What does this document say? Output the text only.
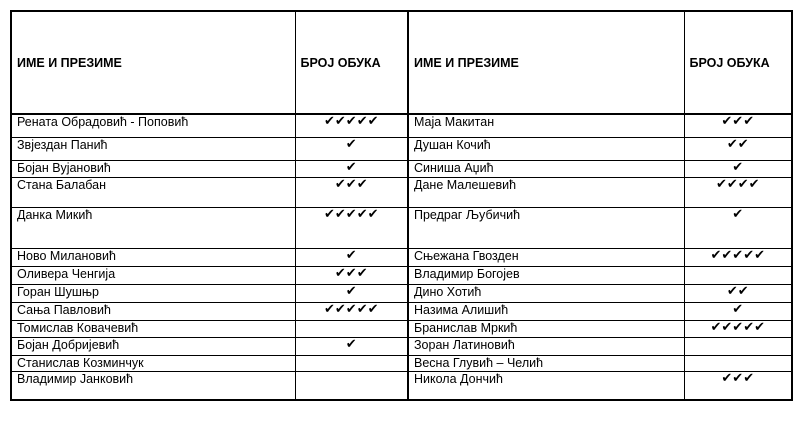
ИМЕ И ПРЕЗИМЕ	БРОЈ ОБУКА	ИМЕ И ПРЕЗИМЕ	БРОЈ ОБУКА
Рената Обрадовић - Поповић	✔✔✔✔✔	Маја Макитан	✔✔✔
Звјездан Панић	✔	Душан Кочић	✔✔
Бојан Вујановић	✔	Синиша Аџић	✔
Стана Балабан	✔✔✔	Дане Малешевић	✔✔✔✔
Данка Микић	✔✔✔✔✔	Предраг Љубичић	✔
Ново Милановић	✔	Сњежана Гвозден	✔✔✔✔✔
Оливера Ченгија	✔✔✔	Владимир Богојев	
Горан Шушњр	✔	Дино Хотић	✔✔
Сања Павловић	✔✔✔✔✔	Назима Алишић	✔
Томислав Ковачевић		Бранислав Мркић	✔✔✔✔✔
Бојан Добријевић	✔	Зоран Латиновић	
Станислав Козминчук		Весна Глувић – Челић	
Владимир Јанковић		Никола Дончић	✔✔✔
